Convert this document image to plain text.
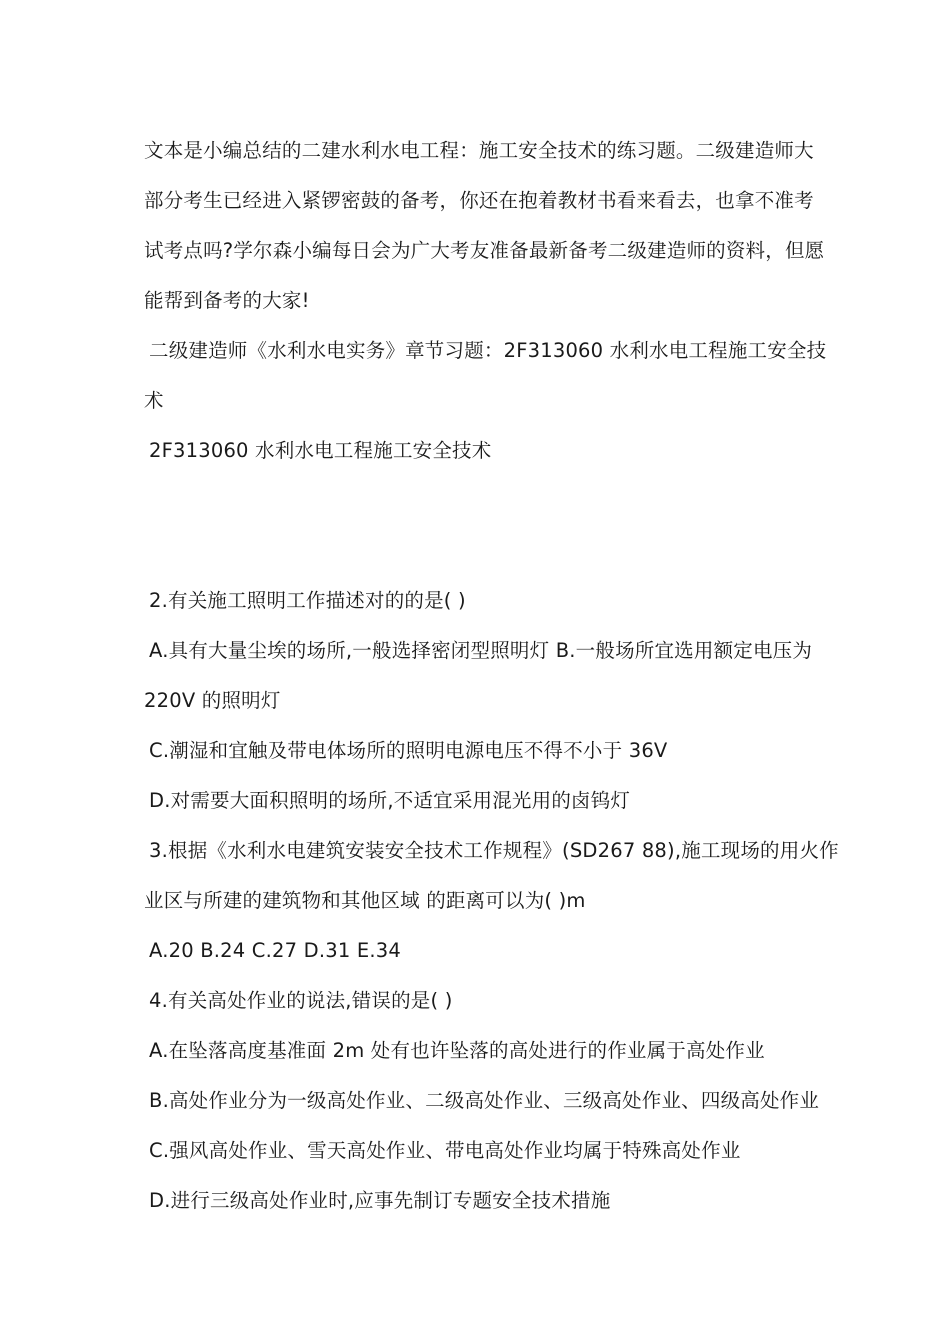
文本是小编总结的二建水利水电工程：施工安全技术的练习题。二级建造师大
部分考生已经进入紧锣密鼓的备考，你还在抱着教材书看来看去，也拿不准考
试考点吗?学尔森小编每日会为广大考友准备最新备考二级建造师的资料，但愿
能帮到备考的大家!
二级建造师《水利水电实务》章节习题：2F313060 水利水电工程施工安全技
术
2F313060 水利水电工程施工安全技术
2.有关施工照明工作描述对的的是( )
A.具有大量尘埃的场所,一般选择密闭型照明灯 B.一般场所宜选用额定电压为
220V 的照明灯
C.潮湿和宜触及带电体场所的照明电源电压不得不小于 36V
D.对需要大面积照明的场所,不适宜采用混光用的卤钨灯
3.根据《水利水电建筑安装安全技术工作规程》(SD267 88),施工现场的用火作
业区与所建的建筑物和其他区域 的距离可以为( )m
A.20 B.24 C.27 D.31 E.34
4.有关高处作业的说法,错误的是( )
A.在坠落高度基准面 2m 处有也许坠落的高处进行的作业属于高处作业
B.高处作业分为一级高处作业、二级高处作业、三级高处作业、四级高处作业
C.强风高处作业、雪天高处作业、带电高处作业均属于特殊高处作业
D.进行三级高处作业时,应事先制订专题安全技术措施
